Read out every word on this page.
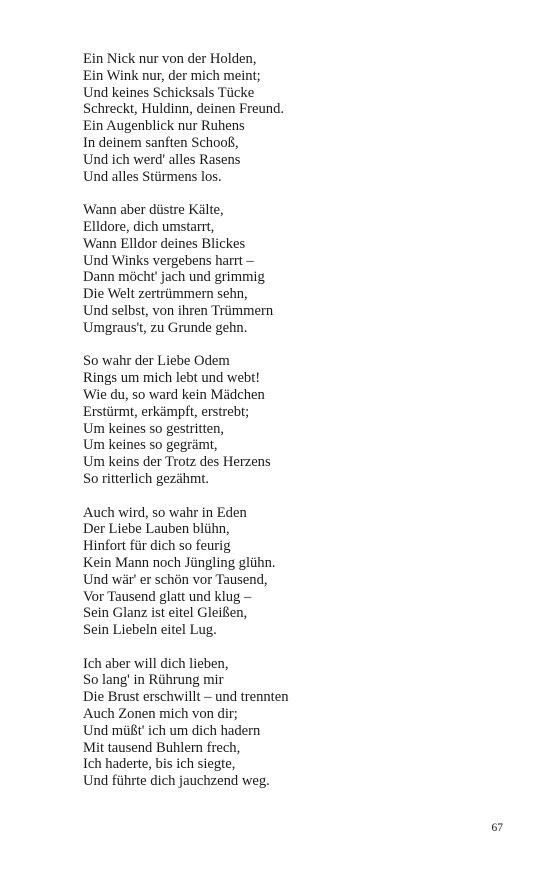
Ein Nick nur von der Holden,
Ein Wink nur, der mich meint;
Und keines Schicksals Tücke
Schreckt, Huldinn, deinen Freund.
Ein Augenblick nur Ruhens
In deinem sanften Schooß,
Und ich werd' alles Rasens
Und alles Stürmens los.
Wann aber düstre Kälte,
Elldore, dich umstarrt,
Wann Elldor deines Blickes
Und Winks vergebens harrt –
Dann möcht' jach und grimmig
Die Welt zertrümmern sehn,
Und selbst, von ihren Trümmern
Umgraus't, zu Grunde gehn.
So wahr der Liebe Odem
Rings um mich lebt und webt!
Wie du, so ward kein Mädchen
Erstürmt, erkämpft, erstrebt;
Um keines so gestritten,
Um keines so gegrämt,
Um keins der Trotz des Herzens
So ritterlich gezähmt.
Auch wird, so wahr in Eden
Der Liebe Lauben blühn,
Hinfort für dich so feurig
Kein Mann noch Jüngling glühn.
Und wär' er schön vor Tausend,
Vor Tausend glatt und klug –
Sein Glanz ist eitel Gleißen,
Sein Liebeln eitel Lug.
Ich aber will dich lieben,
So lang' in Rührung mir
Die Brust erschwillt – und trennten
Auch Zonen mich von dir;
Und müßt' ich um dich hadern
Mit tausend Buhlern frech,
Ich haderte, bis ich siegte,
Und führte dich jauchzend weg.
67
